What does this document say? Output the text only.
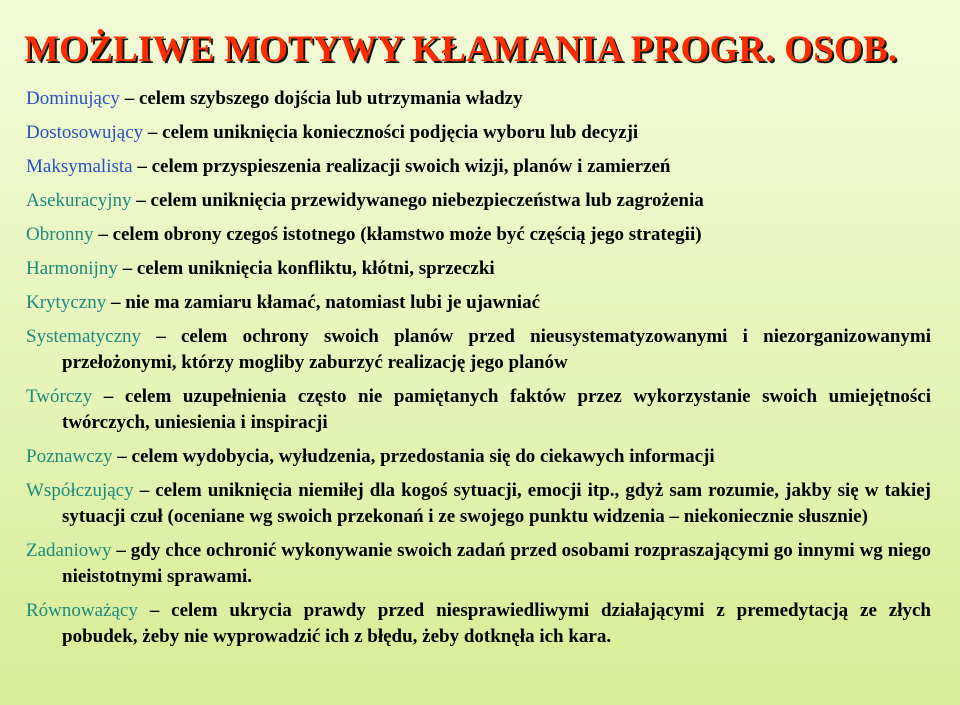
MOŻLIWE MOTYWY KŁAMANIA PROGR. OSOB.
Dominujący – celem szybszego dojścia lub utrzymania władzy
Dostosowujący – celem uniknięcia konieczności podjęcia wyboru lub decyzji
Maksymalista – celem przyspieszenia realizacji swoich wizji, planów i zamierzeń
Asekuracyjny – celem uniknięcia przewidywanego niebezpieczeństwa lub zagrożenia
Obronny – celem obrony czegoś istotnego (kłamstwo może być częścią jego strategii)
Harmonijny – celem uniknięcia konfliktu, kłótni, sprzeczki
Krytyczny – nie ma zamiaru kłamać, natomiast lubi je ujawniać
Systematyczny – celem ochrony swoich planów przed nieusystematyzowanymi i niezorganizowanymi przełożonymi, którzy mogliby zaburzyć realizację jego planów
Twórczy – celem uzupełnienia często nie pamiętanych faktów przez wykorzystanie swoich umiejętności twórczych, uniesienia i inspiracji
Poznawczy – celem wydobycia, wyłudzenia, przedostania się do ciekawych informacji
Współczujący – celem uniknięcia niemiłej dla kogoś sytuacji, emocji itp., gdyż sam rozumie, jakby się w takiej sytuacji czuł (oceniane wg swoich przekonań i ze swojego punktu widzenia – niekoniecznie słusznie)
Zadaniowy – gdy chce ochronić wykonywanie swoich zadań przed osobami rozpraszającymi go innymi wg niego nieistotnymi sprawami.
Równoważący – celem ukrycia prawdy przed niesprawiedliwymi działającymi z premedytacją ze złych pobudek, żeby nie wyprowadzić ich z błędu, żeby dotknęła ich kara.
